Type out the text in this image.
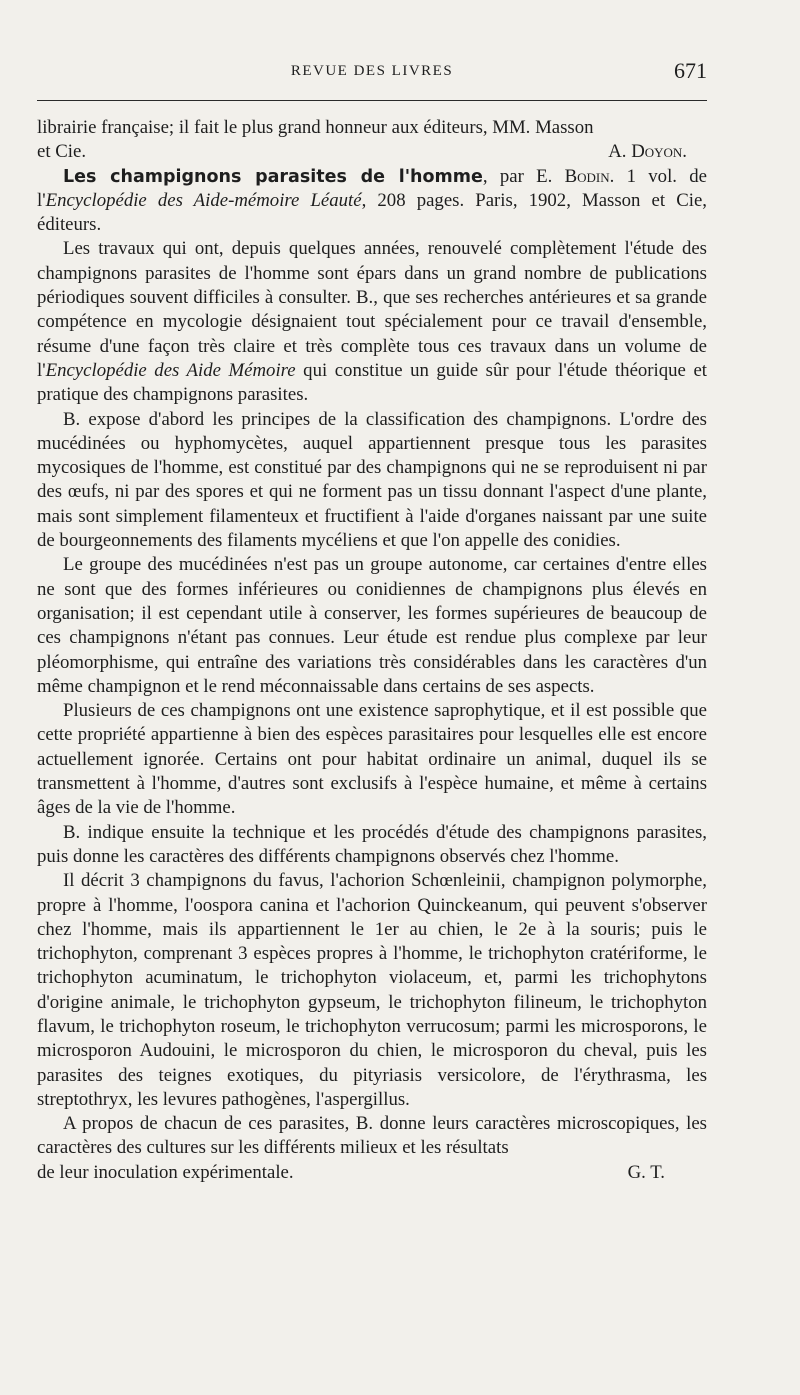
REVUE DES LIVRES	671

librairie française; il fait le plus grand honneur aux éditeurs, MM. Masson

et Cie.	A. Doyon.

Les champignons parasites de l'homme, par E. Bodin. 1 vol. de l'Encyclopédie des Aide-mémoire Léauté, 208 pages. Paris, 1902, Masson et Cie, éditeurs.

Les travaux qui ont, depuis quelques années, renouvelé complètement l'étude des champignons parasites de l'homme sont épars dans un grand nombre de publications périodiques souvent difficiles à consulter. B., que ses recherches antérieures et sa grande compétence en mycologie désignaient tout spécialement pour ce travail d'ensemble, résume d'une façon très claire et très complète tous ces travaux dans un volume de l'Encyclopédie des Aide Mémoire qui constitue un guide sûr pour l'étude théorique et pratique des champignons parasites.

B. expose d'abord les principes de la classification des champignons. L'ordre des mucédinées ou hyphomycètes, auquel appartiennent presque tous les parasites mycosiques de l'homme, est constitué par des champignons qui ne se reproduisent ni par des œufs, ni par des spores et qui ne forment pas un tissu donnant l'aspect d'une plante, mais sont simplement filamenteux et fructifient à l'aide d'organes naissant par une suite de bourgeonnements des filaments mycéliens et que l'on appelle des conidies.

Le groupe des mucédinées n'est pas un groupe autonome, car certaines d'entre elles ne sont que des formes inférieures ou conidiennes de champignons plus élevés en organisation; il est cependant utile à conserver, les formes supérieures de beaucoup de ces champignons n'étant pas connues. Leur étude est rendue plus complexe par leur pléomorphisme, qui entraîne des variations très considérables dans les caractères d'un même champignon et le rend méconnaissable dans certains de ses aspects.

Plusieurs de ces champignons ont une existence saprophytique, et il est possible que cette propriété appartienne à bien des espèces parasitaires pour lesquelles elle est encore actuellement ignorée. Certains ont pour habitat ordinaire un animal, duquel ils se transmettent à l'homme, d'autres sont exclusifs à l'espèce humaine, et même à certains âges de la vie de l'homme.

B. indique ensuite la technique et les procédés d'étude des champignons parasites, puis donne les caractères des différents champignons observés chez l'homme.

Il décrit 3 champignons du favus, l'achorion Schœnleinii, champignon polymorphe, propre à l'homme, l'oospora canina et l'achorion Quinckeanum, qui peuvent s'observer chez l'homme, mais ils appartiennent le 1er au chien, le 2e à la souris; puis le trichophyton, comprenant 3 espèces propres à l'homme, le trichophyton cratériforme, le trichophyton acuminatum, le trichophyton violaceum, et, parmi les trichophytons d'origine animale, le trichophyton gypseum, le trichophyton filineum, le trichophyton flavum, le trichophyton roseum, le trichophyton verrucosum; parmi les microsporons, le microsporon Audouini, le microsporon du chien, le microsporon du cheval, puis les parasites des teignes exotiques, du pityriasis versicolore, de l'érythrasma, les streptothryx, les levures pathogènes, l'aspergillus.

A propos de chacun de ces parasites, B. donne leurs caractères microscopiques, les caractères des cultures sur les différents milieux et les résultats

de leur inoculation expérimentale.	G. T.
